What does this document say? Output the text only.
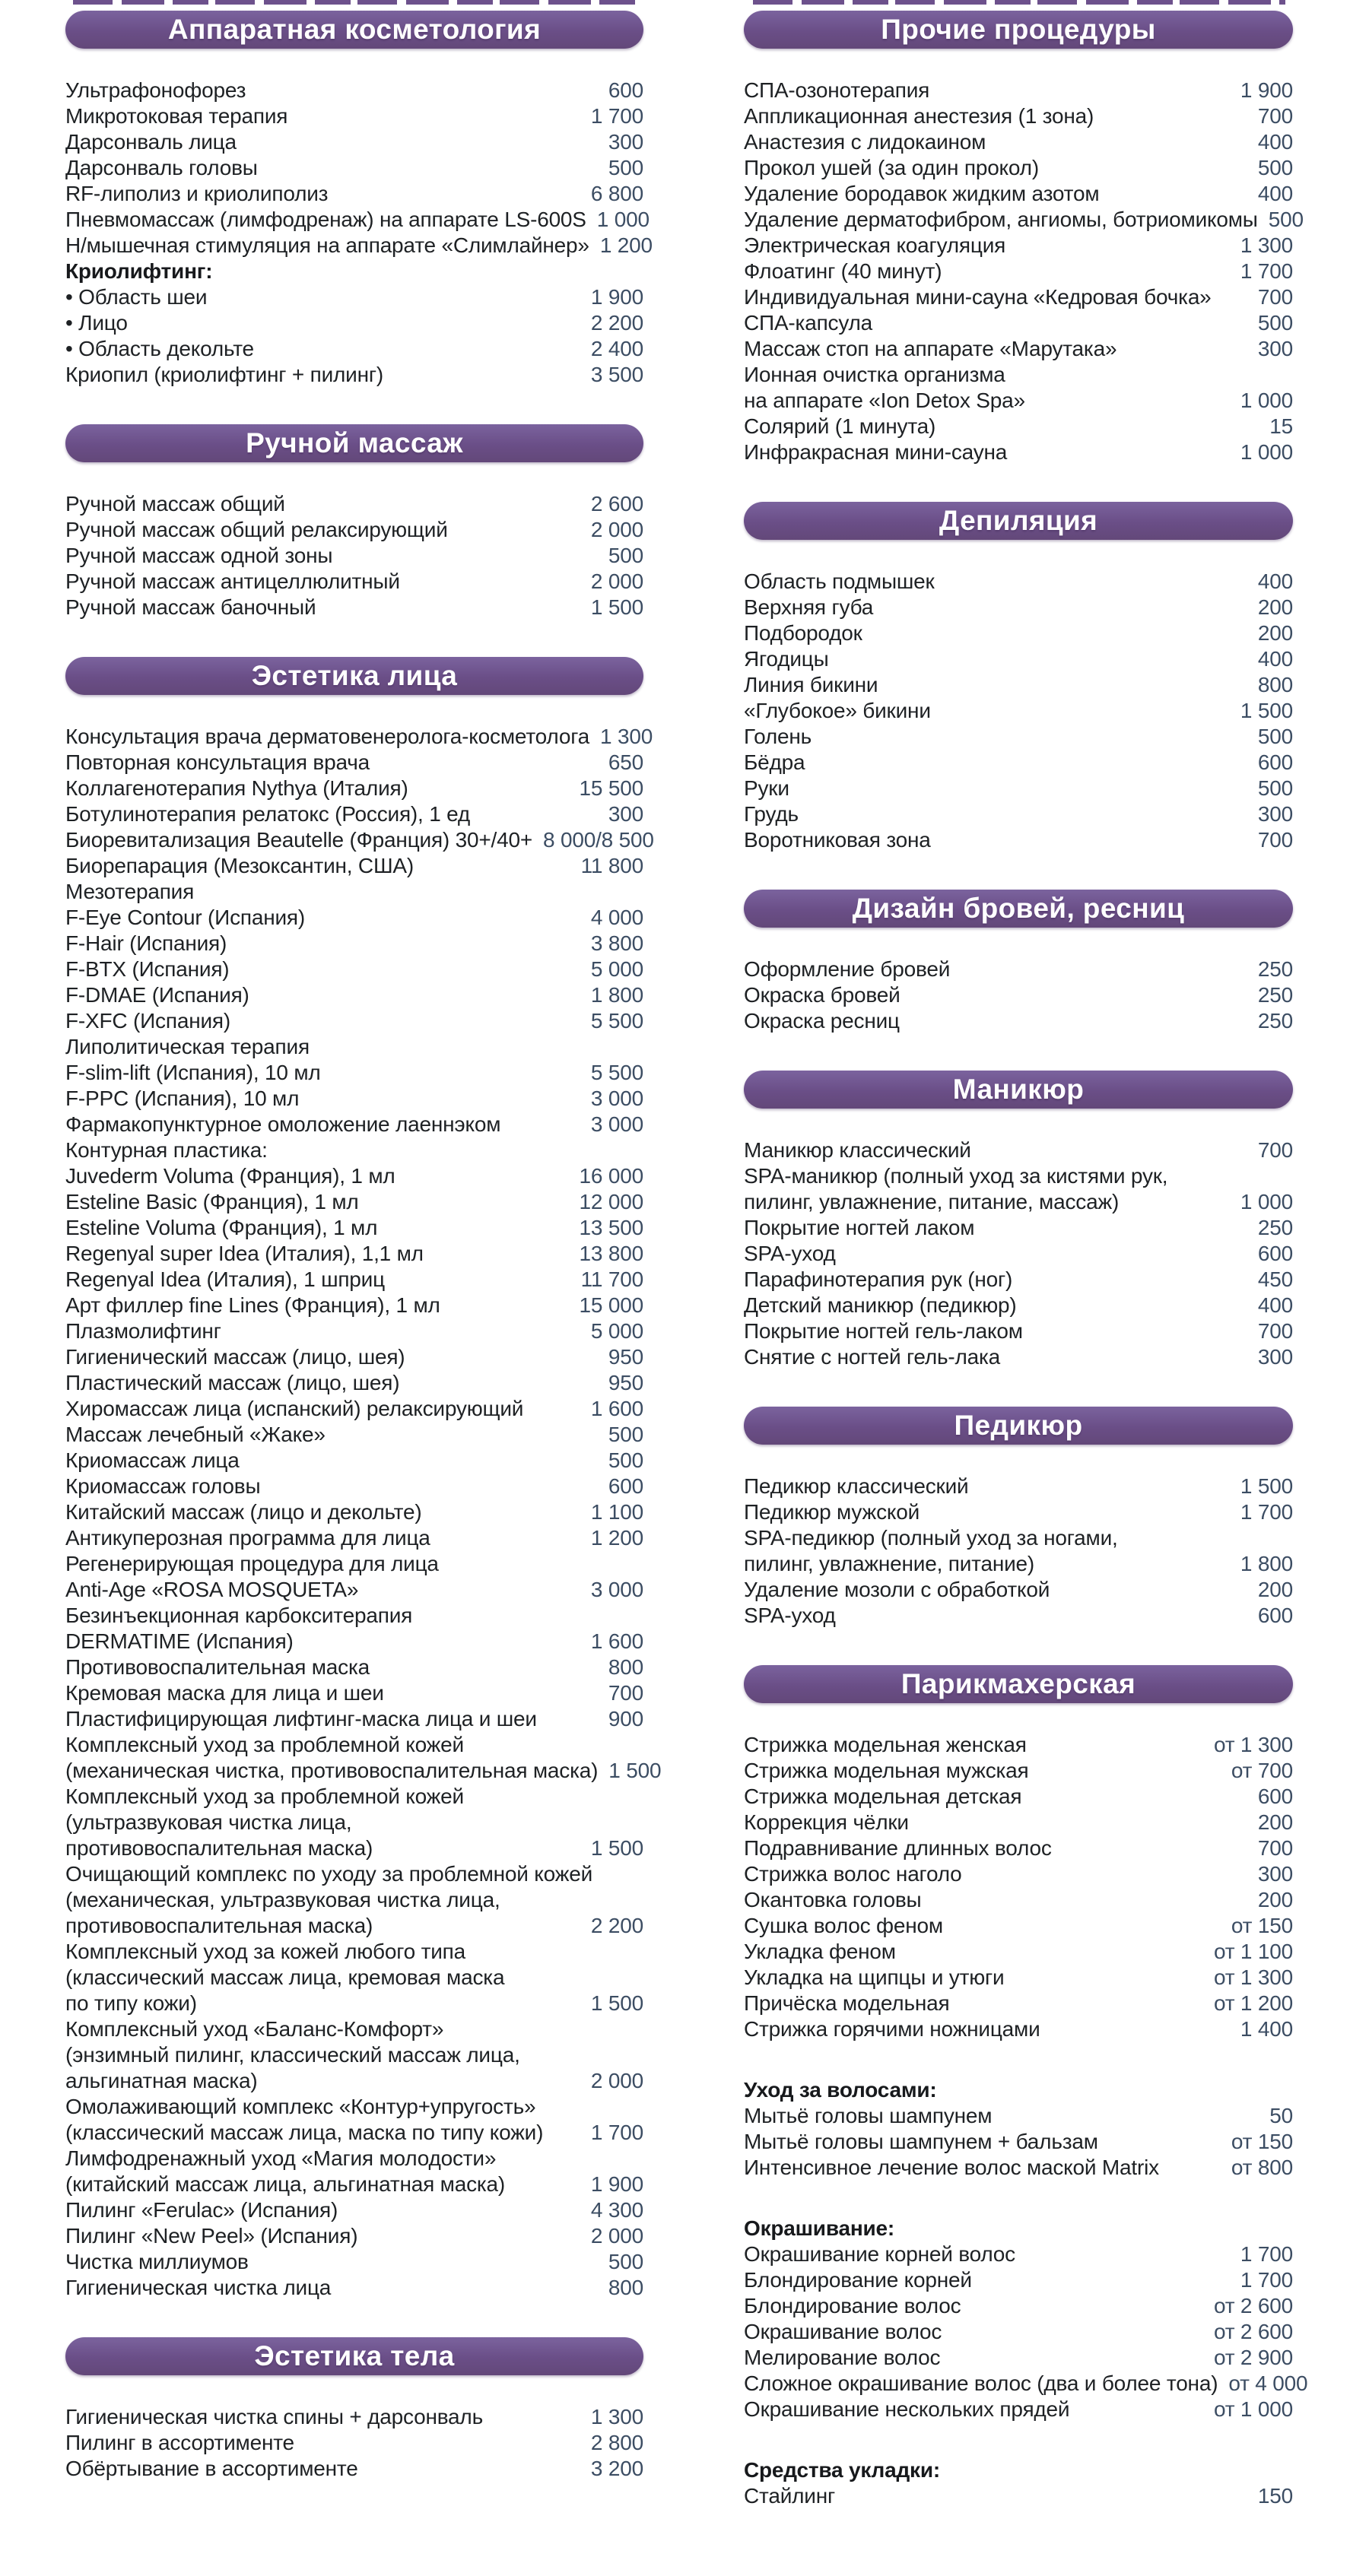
Аппаратная косметология
Ультрафонофорез	600
Микротоковая терапия	1 700
Дарсонваль лица	300
Дарсонваль головы	500
RF-липолиз и криолиполиз	6 800
Пневмомассаж (лимфодренаж) на аппарате LS-600S 1 000
Н/мышечная стимуляция на аппарате «Слимлайнер» 1 200
Криолифтинг:
• Область шеи	1 900
• Лицо	2 200
• Область декольте	2 400
Криопил (криолифтинг + пилинг)	3 500
Ручной массаж
Ручной массаж общий	2 600
Ручной массаж общий релаксирующий	2 000
Ручной массаж одной зоны	500
Ручной массаж антицеллюлитный	2 000
Ручной массаж баночный	1 500
Эстетика лица
Консультация врача дерматовенеролога-косметолога 1 300
Повторная консультация врача	650
Коллагенотерапия Nythya (Италия)	15 500
Ботулинотерапия релатокс (Россия), 1 ед	300
Биоревитализация Beautelle (Франция) 30+/40+ 8 000/8 500
Биорепарация (Мезоксантин, США)	11 800
Мезотерапия
F-Eye Contour (Испания)	4 000
F-Hair (Испания)	3 800
F-BTX (Испания)	5 000
F-DMAE (Испания)	1 800
F-XFC (Испания)	5 500
Липолитическая терапия
F-slim-lift (Испания), 10 мл	5 500
F-PPC (Испания), 10 мл	3 000
Фармакопунктурное омоложение лаеннэком	3 000
Контурная пластика:
Juvederm Voluma (Франция), 1 мл	16 000
Esteline Basic (Франция), 1 мл	12 000
Esteline Voluma (Франция), 1 мл	13 500
Regenyal super Idea (Италия), 1,1 мл	13 800
Regenyal Idea (Италия), 1 шприц	11 700
Арт филлер fine Lines (Франция), 1 мл	15 000
Плазмолифтинг	5 000
Гигиенический массаж (лицо, шея)	950
Пластический массаж (лицо, шея)	950
Хиромассаж лица (испанский) релаксирующий	1 600
Массаж лечебный «Жаке»	500
Криомассаж лица	500
Криомассаж головы	600
Китайский массаж (лицо и декольте)	1 100
Антикуперозная программа для лица	1 200
Регенерирующая процедура для лица
Anti-Age «ROSA MOSQUETA»	3 000
Безинъекционная карбокситерапия
DERMATIME (Испания)	1 600
Противовоспалительная маска	800
Кремовая маска для лица и шеи	700
Пластифицирующая лифтинг-маска лица и шеи	900
Комплексный уход за проблемной кожей
(механическая чистка, противовоспалительная маска) 1 500
Комплексный уход за проблемной кожей
(ультразвуковая чистка лица,
противовоспалительная маска)	1 500
Очищающий комплекс по уходу за проблемной кожей
(механическая, ультразвуковая чистка лица,
противовоспалительная маска)	2 200
Комплексный уход за кожей любого типа
(классический массаж лица, кремовая маска
по типу кожи)	1 500
Комплексный уход «Баланс-Комфорт»
(энзимный пилинг, классический массаж лица,
альгинатная маска)	2 000
Омолаживающий комплекс «Контур+упругость»
(классический массаж лица, маска по типу кожи) 1 700
Лимфодренажный уход «Магия молодости»
(китайский массаж лица, альгинатная маска)	1 900
Пилинг «Ferulac» (Испания)	4 300
Пилинг «New Peel» (Испания)	2 000
Чистка миллиумов	500
Гигиеническая чистка лица	800
Эстетика тела
Гигиеническая чистка спины + дарсонваль	1 300
Пилинг в ассортименте	2 800
Обёртывание в ассортименте	3 200
Прочие процедуры
СПА-озонотерапия	1 900
Аппликационная анестезия (1 зона)	700
Анастезия с лидокаином	400
Прокол ушей (за один прокол)	500
Удаление бородавок жидким азотом	400
Удаление дерматофибром, ангиомы, ботриомикомы 500
Электрическая коагуляция	1 300
Флоатинг (40 минут)	1 700
Индивидуальная мини-сауна «Кедровая бочка» 700
СПА-капсула	500
Массаж стоп на аппарате «Марутака»	300
Ионная очистка организма
на аппарате «Ion Detox Spa»	1 000
Солярий (1 минута)	15
Инфракрасная мини-сауна	1 000
Депиляция
Область подмышек	400
Верхняя губа	200
Подбородок	200
Ягодицы	400
Линия бикини	800
«Глубокое» бикини	1 500
Голень	500
Бёдра	600
Руки	500
Грудь	300
Воротниковая зона	700
Дизайн бровей, ресниц
Оформление бровей	250
Окраска бровей	250
Окраска ресниц	250
Маникюр
Маникюр классический	700
SPA-маникюр (полный уход за кистями рук,
пилинг, увлажнение, питание, массаж)	1 000
Покрытие ногтей лаком	250
SPA-уход	600
Парафинотерапия рук (ног)	450
Детский маникюр (педикюр)	400
Покрытие ногтей гель-лаком	700
Снятие с ногтей гель-лака	300
Педикюр
Педикюр классический	1 500
Педикюр мужской	1 700
SPA-педикюр (полный уход за ногами,
пилинг, увлажнение, питание)	1 800
Удаление мозоли с обработкой	200
SPA-уход	600
Парикмахерская
Стрижка модельная женская	от 1 300
Стрижка модельная мужская	от 700
Стрижка модельная детская	600
Коррекция чёлки	200
Подравнивание длинных волос	700
Стрижка волос наголо	300
Окантовка головы	200
Сушка волос феном	от 150
Укладка феном	от 1 100
Укладка на щипцы и утюги	от 1 300
Причёска модельная	от 1 200
Стрижка горячими ножницами	1 400
Уход за волосами:
Мытьё головы шампунем	50
Мытьё головы шампунем + бальзам	от 150
Интенсивное лечение волос маской Matrix	от 800
Окрашивание:
Окрашивание корней волос	1 700
Блондирование корней	1 700
Блондирование волос	от 2 600
Окрашивание волос	от 2 600
Мелирование волос	от 2 900
Сложное окрашивание волос (два и более тона) от 4 000
Окрашивание нескольких прядей	от 1 000
Средства укладки:
Стайлинг	150
